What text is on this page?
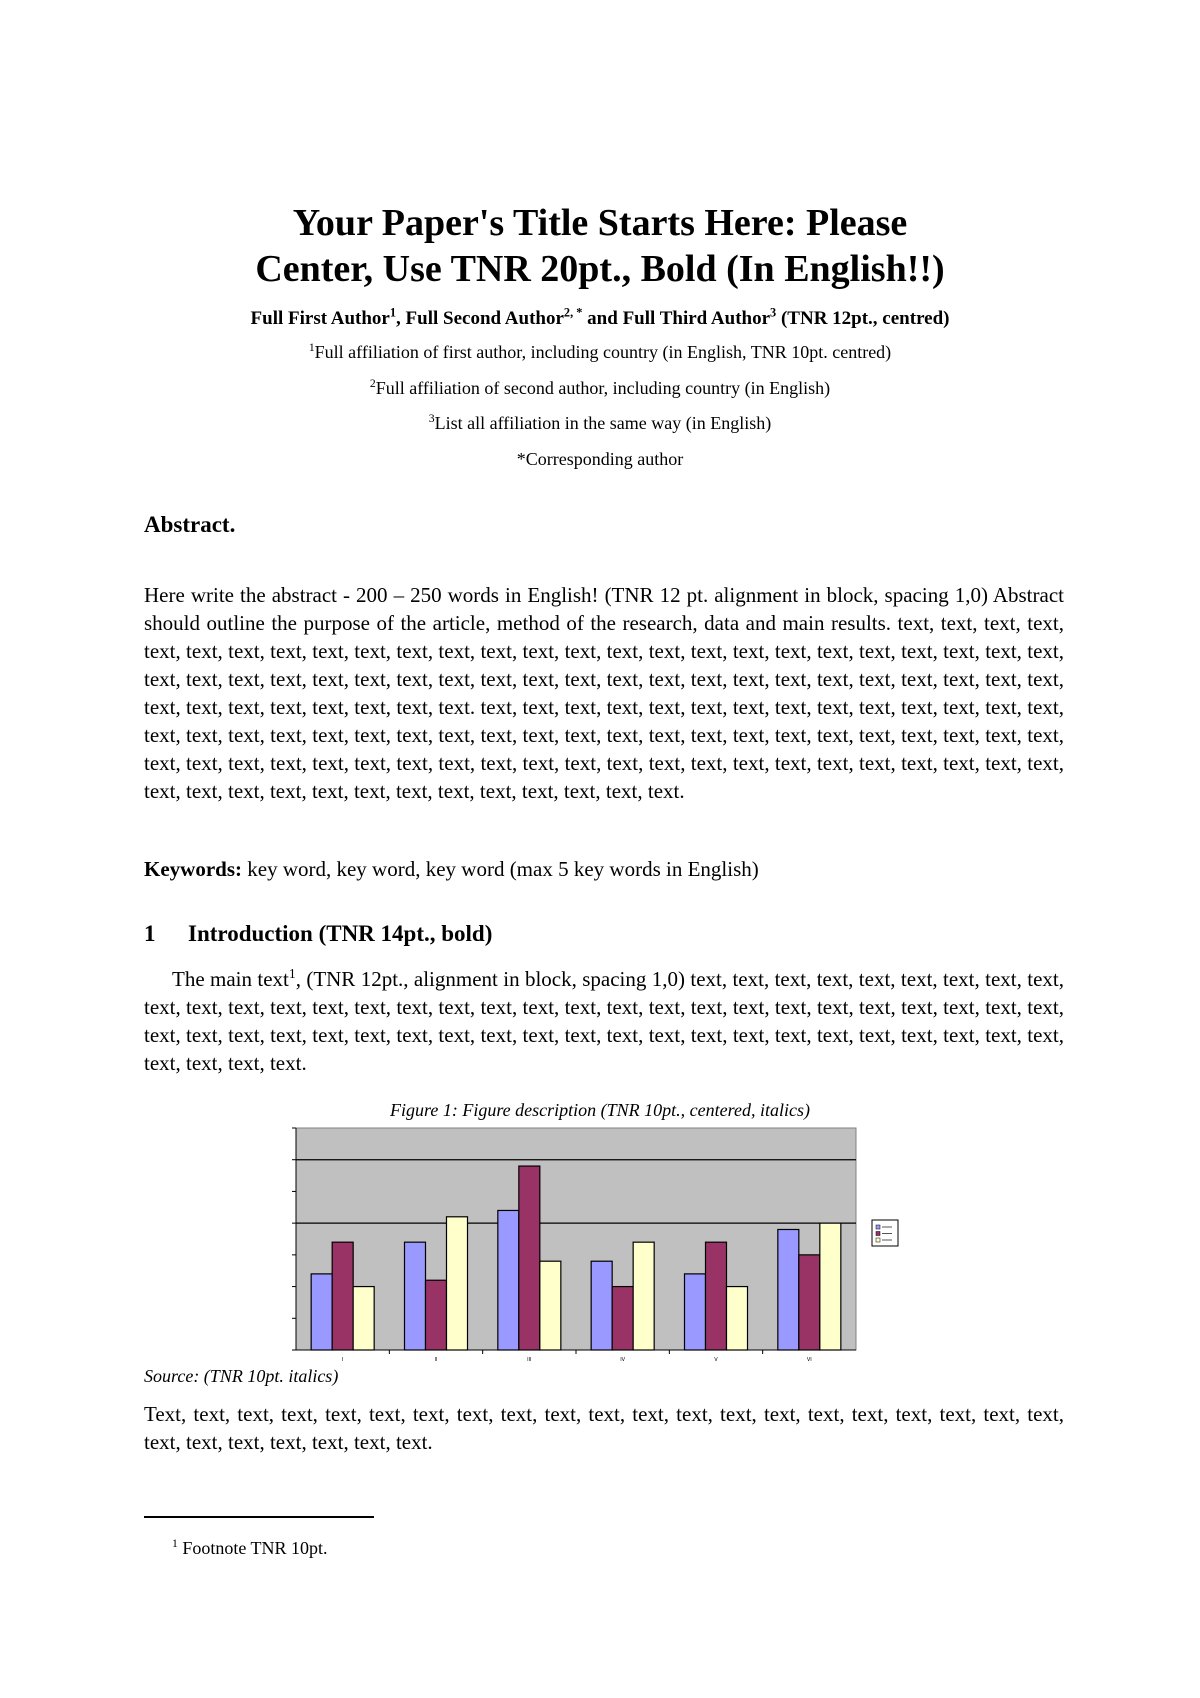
Your Paper's Title Starts Here: Please
Center, Use TNR 20pt., Bold (In English!!)
Full First Author$^1$, Full Second Author$^{2, *}$ and Full Third Author$^3$ (TNR 12pt., centred)
$^1$Full affiliation of first author, including country (in English, TNR 10pt. centred)
$^2$Full affiliation of second author, including country (in English)
$^3$List all affiliation in the same way (in English)
*Corresponding author
Abstract.
Here write the abstract - 200 – 250 words in English! (TNR 12 pt. alignment in block, spacing 1,0) Abstract should outline the purpose of the article, method of the research, data and main results. text, text, text, text, text, text, text, text, text, text, text, text, text, text, text, text, text, text, text, text, text, text, text, text, text, text, text, text, text, text, text, text, text, text, text, text, text, text, text, text, text, text, text, text, text, text, text, text, text, text, text, text, text, text, text, text. text, text, text, text, text, text, text, text, text, text, text, text, text, text, text, text, text, text, text, text, text, text, text, text, text, text, text, text, text, text, text, text, text, text, text, text, text, text, text, text, text, text, text, text, text, text, text, text, text, text, text, text, text, text, text, text, text, text, text, text, text, text, text, text, text, text, text, text, text, text, text.
Keywords: key word, key word, key word (max 5 key words in English)
1 Introduction (TNR 14pt., bold)
The main text$^1$, (TNR 12pt., alignment in block, spacing 1,0) text, text, text, text, text, text, text, text, text, text, text, text, text, text, text, text, text, text, text, text, text, text, text, text, text, text, text, text, text, text, text, text, text, text, text, text, text, text, text, text, text, text, text, text, text, text, text, text, text, text, text, text, text, text, text, text, text.
Figure 1: Figure description (TNR 10pt., centered, italics)
I	II	III	IV	V	VI
Source: (TNR 10pt. italics)
Text, text, text, text, text, text, text, text, text, text, text, text, text, text, text, text, text, text, text, text, text, text, text, text, text, text, text, text.
$^1$ Footnote TNR 10pt.
